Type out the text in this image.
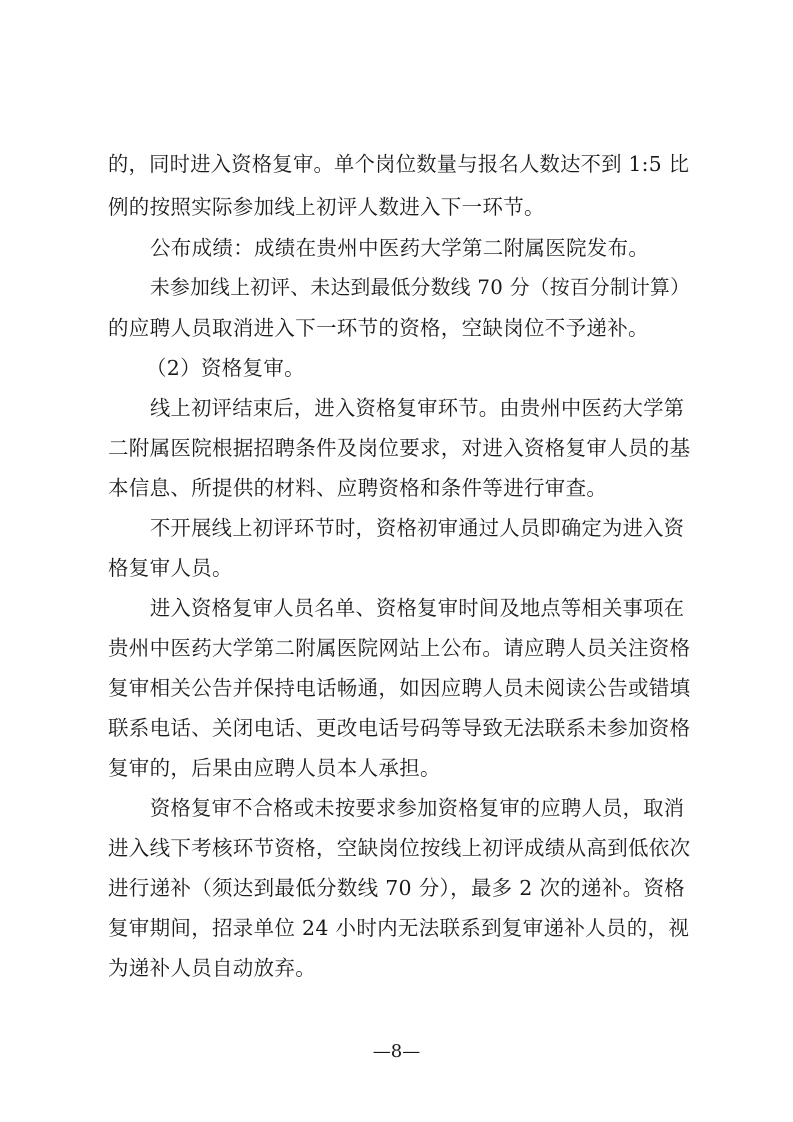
的，同时进入资格复审。单个岗位数量与报名人数达不到 1:5 比
例的按照实际参加线上初评人数进入下一环节。
公布成绩：成绩在贵州中医药大学第二附属医院发布。
未参加线上初评、未达到最低分数线 70 分（按百分制计算）
的应聘人员取消进入下一环节的资格，空缺岗位不予递补。
（2）资格复审。
线上初评结束后，进入资格复审环节。由贵州中医药大学第
二附属医院根据招聘条件及岗位要求，对进入资格复审人员的基
本信息、所提供的材料、应聘资格和条件等进行审查。
不开展线上初评环节时，资格初审通过人员即确定为进入资
格复审人员。
进入资格复审人员名单、资格复审时间及地点等相关事项在
贵州中医药大学第二附属医院网站上公布。请应聘人员关注资格
复审相关公告并保持电话畅通，如因应聘人员未阅读公告或错填
联系电话、关闭电话、更改电话号码等导致无法联系未参加资格
复审的，后果由应聘人员本人承担。
资格复审不合格或未按要求参加资格复审的应聘人员，取消
进入线下考核环节资格，空缺岗位按线上初评成绩从高到低依次
进行递补（须达到最低分数线 70 分），最多 2 次的递补。资格
复审期间，招录单位 24 小时内无法联系到复审递补人员的，视
为递补人员自动放弃。
—8—
